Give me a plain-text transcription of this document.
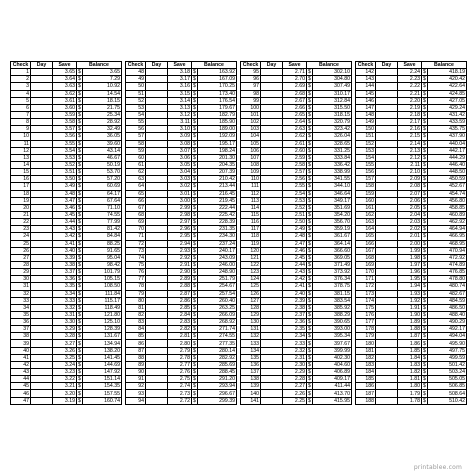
Check	Day	Save	Balance	
1		3.65	$	3.65
2		3.64	$	7.29
3		3.63	$	10.92
4		3.62	$	14.54
5		3.61	$	18.15
6		3.60	$	21.75
7		3.59	$	25.34
8		3.58	$	28.92
9		3.57	$	32.49
10		3.56	$	36.05
11		3.55	$	39.60
12		3.54	$	43.14
13		3.53	$	46.67
14		3.52	$	50.19
15		3.51	$	53.70
16		3.50	$	57.20
17		3.49	$	60.69
18		3.48	$	64.17
19		3.47	$	67.64
20		3.46	$	71.10
21		3.45	$	74.55
22		3.44	$	77.99
23		3.43	$	81.42
24		3.42	$	84.84
25		3.41	$	88.25
26		3.40	$	91.65
27		3.39	$	95.04
28		3.38	$	98.42
29		3.37	$	101.79
30		3.36	$	105.15
31		3.35	$	108.50
32		3.34	$	111.84
33		3.33	$	115.17
34		3.32	$	118.49
35		3.31	$	121.80
36		3.30	$	125.10
37		3.29	$	128.39
38		3.28	$	131.67
39		3.27	$	134.94
40		3.26	$	138.20
41		3.25	$	141.45
42		3.24	$	144.69
43		3.23	$	147.92
44		3.22	$	151.14
45		3.21	$	154.35
46		3.20	$	157.55
47		3.19	$	160.74
Check	Day	Save	Balance	
48		3.18	$	163.92
49		3.17	$	167.09
50		3.16	$	170.25
51		3.15	$	173.40
52		3.14	$	176.54
53		3.13	$	179.67
54		3.12	$	182.79
55		3.11	$	185.90
56		3.10	$	189.00
57		3.09	$	192.09
58		3.08	$	195.17
59		3.07	$	198.24
60		3.06	$	201.30
61		3.05	$	204.35
62		3.04	$	207.39
63		3.03	$	210.42
64		3.02	$	213.44
65		3.01	$	216.45
66		3.00	$	219.45
67		2.99	$	222.44
68		2.98	$	225.42
69		2.97	$	228.39
70		2.96	$	231.35
71		2.95	$	234.30
72		2.94	$	237.24
73		2.93	$	240.17
74		2.92	$	243.09
75		2.91	$	246.00
76		2.90	$	248.90
77		2.89	$	251.79
78		2.88	$	254.67
79		2.87	$	257.54
80		2.86	$	260.40
81		2.85	$	263.25
82		2.84	$	266.09
83		2.83	$	268.92
84		2.82	$	271.74
85		2.81	$	274.55
86		2.80	$	277.35
87		2.79	$	280.14
88		2.78	$	282.92
89		2.77	$	285.69
90		2.76	$	288.45
91		2.75	$	291.20
92		2.74	$	293.94
93		2.73	$	296.67
94		2.72	$	299.39
Check	Day	Save	Balance	
95		2.71	$	302.10
96		2.70	$	304.80
97		2.69	$	307.49
98		2.68	$	310.17
99		2.67	$	312.84
100		2.66	$	315.50
101		2.65	$	318.15
102		2.64	$	320.79
103		2.63	$	323.42
104		2.62	$	326.04
105		2.61	$	328.65
106		2.60	$	331.25
107		2.59	$	333.84
108		2.58	$	336.42
109		2.57	$	338.99
110		2.56	$	341.55
111		2.55	$	344.10
112		2.54	$	346.64
113		2.53	$	349.17
114		2.52	$	351.69
115		2.51	$	354.20
116		2.50	$	356.70
117		2.49	$	359.19
118		2.48	$	361.67
119		2.47	$	364.14
120		2.46	$	366.60
121		2.45	$	369.05
122		2.44	$	371.49
123		2.43	$	373.92
124		2.42	$	376.34
125		2.41	$	378.75
126		2.40	$	381.15
127		2.39	$	383.54
128		2.38	$	385.92
129		2.37	$	388.29
130		2.36	$	390.65
131		2.35	$	393.00
132		2.34	$	395.34
133		2.33	$	397.67
134		2.32	$	399.99
135		2.31	$	402.30
136		2.30	$	404.60
137		2.29	$	406.89
138		2.28	$	409.17
139		2.27	$	411.44
140		2.26	$	413.70
141		2.25	$	415.95
Check	Day	Save	Balance	
142		2.24	$	418.19
143		2.23	$	420.42
144		2.22	$	422.64
145		2.21	$	424.85
146		2.20	$	427.05
147		2.19	$	429.24
148		2.18	$	431.42
149		2.17	$	433.59
150		2.16	$	435.75
151		2.15	$	437.90
152		2.14	$	440.04
153		2.13	$	442.17
154		2.12	$	444.29
155		2.11	$	446.40
156		2.10	$	448.50
157		2.09	$	450.59
158		2.08	$	452.67
159		2.07	$	454.74
160		2.06	$	456.80
161		2.05	$	458.85
162		2.04	$	460.89
163		2.03	$	462.92
164		2.02	$	464.94
165		2.01	$	466.95
166		2.00	$	468.95
167		1.99	$	470.94
168		1.98	$	472.92
169		1.97	$	474.89
170		1.96	$	476.85
171		1.95	$	478.80
172		1.94	$	480.74
173		1.93	$	482.67
174		1.92	$	484.59
175		1.91	$	486.50
176		1.90	$	488.40
177		1.89	$	490.29
178		1.88	$	492.17
179		1.87	$	494.04
180		1.86	$	495.90
181		1.85	$	497.75
182		1.84	$	499.59
183		1.83	$	501.42
184		1.82	$	503.24
185		1.81	$	505.05
186		1.80	$	506.85
187		1.79	$	508.64
188		1.78	$	510.42
printablee.com
